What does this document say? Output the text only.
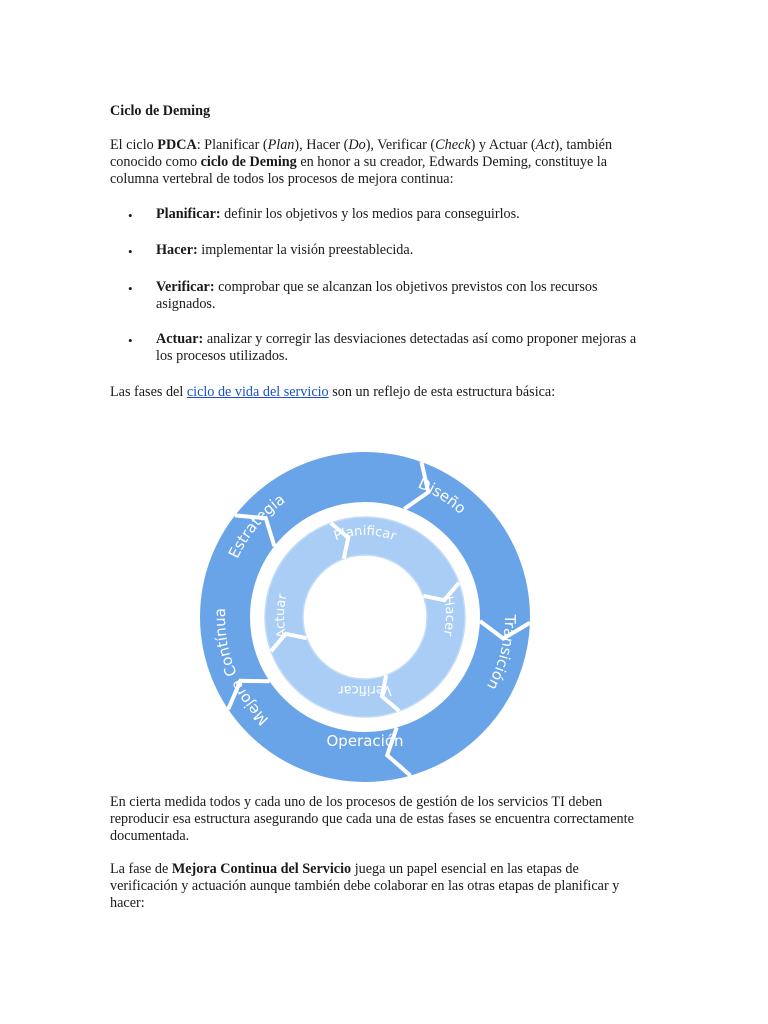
Ciclo de Deming

El ciclo PDCA: Planificar (Plan), Hacer (Do), Verificar (Check) y Actuar (Act), también conocido como ciclo de Deming en honor a su creador, Edwards Deming, constituye la columna vertebral de todos los procesos de mejora continua:

• Planificar: definir los objetivos y los medios para conseguirlos.
• Hacer: implementar la visión preestablecida.
• Verificar: comprobar que se alcanzan los objetivos previstos con los recursos asignados.
• Actuar: analizar y corregir las desviaciones detectadas así como proponer mejoras a los procesos utilizados.

Las fases del ciclo de vida del servicio son un reflejo de esta estructura básica:

Estrategia
Diseño
Transición
Mejora Contínua
Operación
Planificar
Hacer
Actuar
Verificar

En cierta medida todos y cada uno de los procesos de gestión de los servicios TI deben reproducir esa estructura asegurando que cada una de estas fases se encuentra correctamente documentada.

La fase de Mejora Continua del Servicio juega un papel esencial en las etapas de verificación y actuación aunque también debe colaborar en las otras etapas de planificar y hacer:
